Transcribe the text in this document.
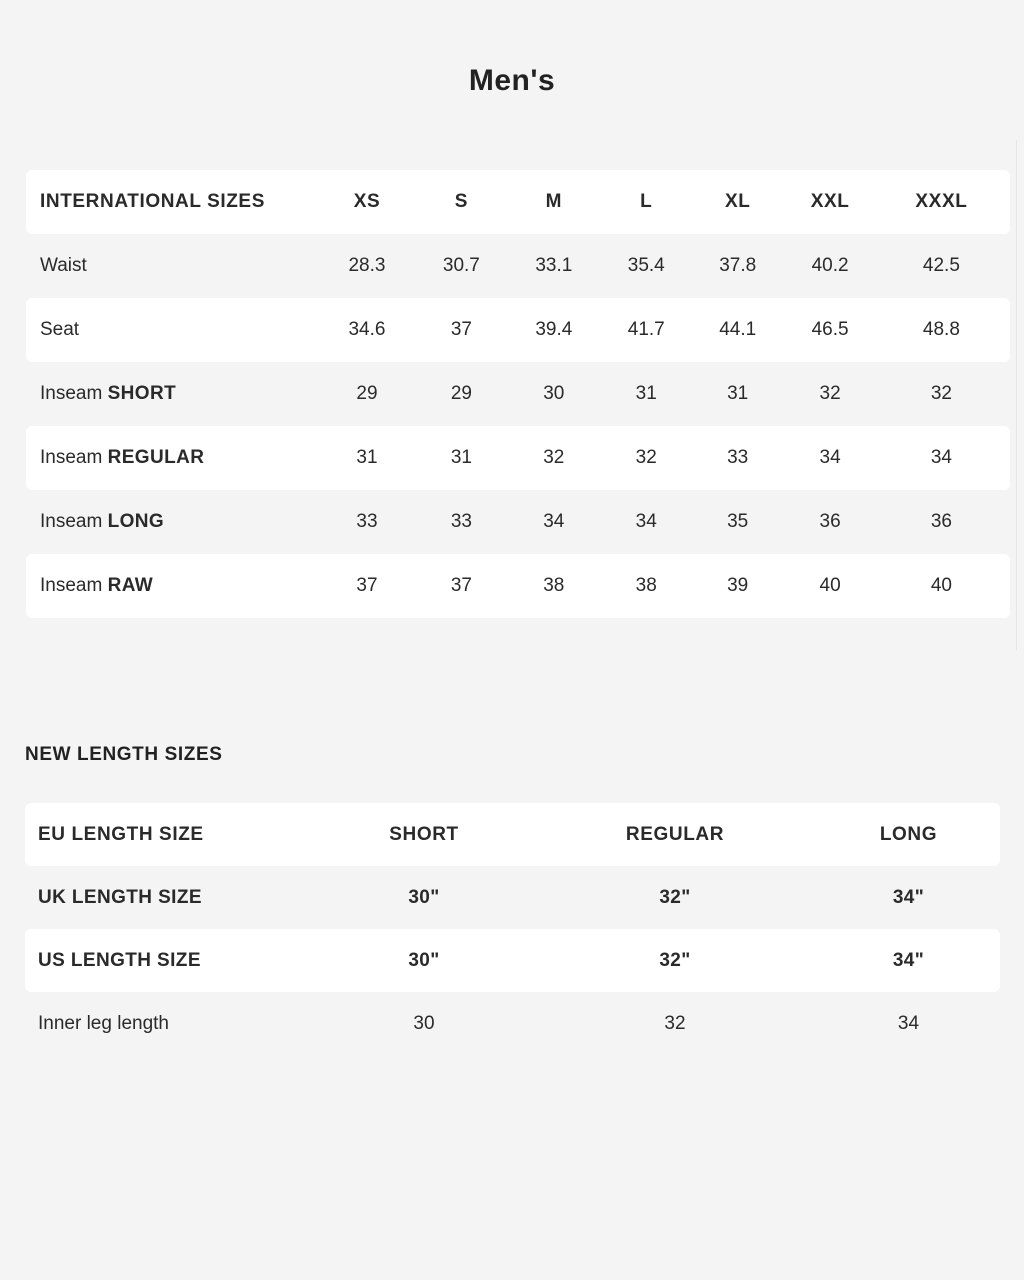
Men's
INTERNATIONAL SIZES	XS	S	M	L	XL	XXL	XXXL
Waist	28.3	30.7	33.1	35.4	37.8	40.2	42.5
Seat	34.6	37	39.4	41.7	44.1	46.5	48.8
Inseam SHORT	29	29	30	31	31	32	32
Inseam REGULAR	31	31	32	32	33	34	34
Inseam LONG	33	33	34	34	35	36	36
Inseam RAW	37	37	38	38	39	40	40
NEW LENGTH SIZES
EU LENGTH SIZE	SHORT	REGULAR	LONG
UK LENGTH SIZE	30"	32"	34"
US LENGTH SIZE	30"	32"	34"
Inner leg length	30	32	34
